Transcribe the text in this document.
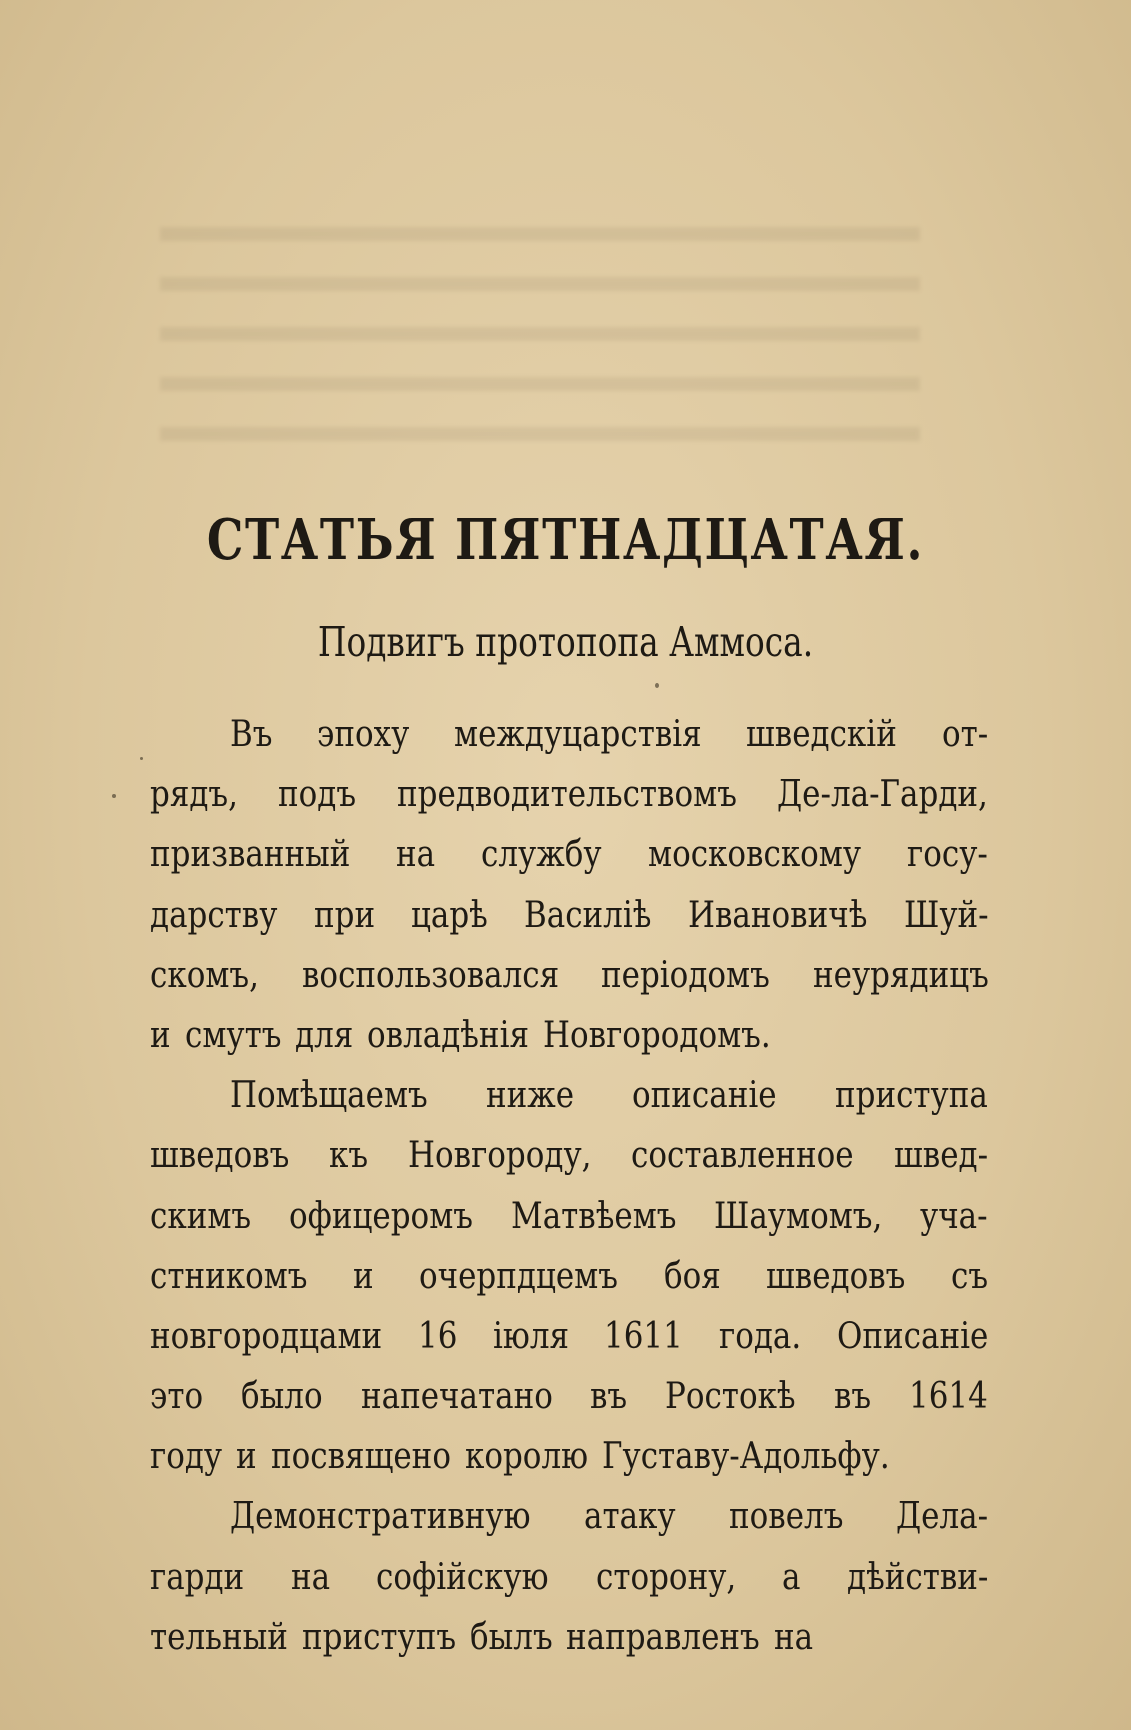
СТАТЬЯ ПЯТНАДЦАТАЯ.
Подвигъ протопопа Аммоса.
Въ эпоху междуцарствія шведскій от-
рядъ, подъ предводительствомъ Де-ла-Гарди,
призванный на службу московскому госу-
дарству при царѣ Василіѣ Ивановичѣ Шуй-
скомъ, воспользовался періодомъ неурядицъ
и смутъ для овладѣнія Новгородомъ.
Помѣщаемъ ниже описаніе приступа
шведовъ къ Новгороду, составленное швед-
скимъ офицеромъ Матвѣемъ Шаумомъ, уча-
стникомъ и очерпдцемъ боя шведовъ съ
новгородцами 16 іюля 1611 года. Описаніе
это было напечатано въ Ростокѣ въ 1614
году и посвящено королю Густаву-Адольфу.
Демонстративную атаку повелъ Дела-
гарди на софійскую сторону, а дѣйстви-
тельный приступъ былъ направленъ на
